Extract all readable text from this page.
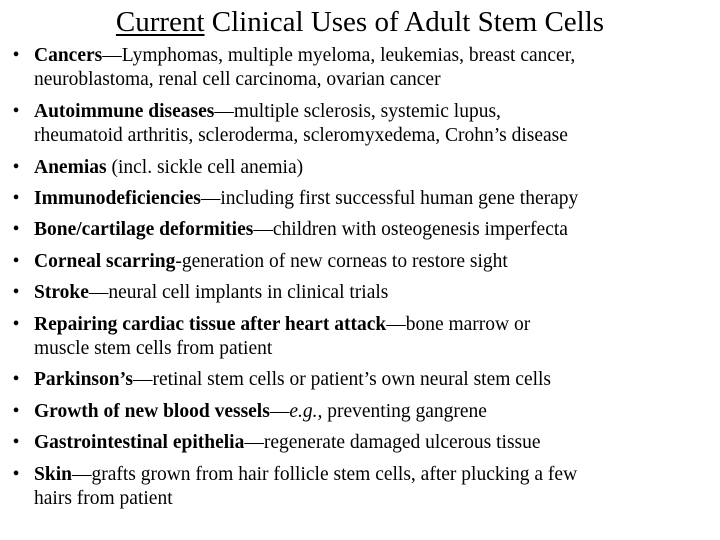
Current Clinical Uses of Adult Stem Cells
• Cancers—Lymphomas, multiple myeloma, leukemias, breast cancer,
neuroblastoma, renal cell carcinoma, ovarian cancer
• Autoimmune diseases—multiple sclerosis, systemic lupus,
rheumatoid arthritis, scleroderma, scleromyxedema, Crohn’s disease
• Anemias (incl. sickle cell anemia)
• Immunodeficiencies—including first successful human gene therapy
• Bone/cartilage deformities—children with osteogenesis imperfecta
• Corneal scarring-generation of new corneas to restore sight
• Stroke—neural cell implants in clinical trials
• Repairing cardiac tissue after heart attack—bone marrow or
muscle stem cells from patient
• Parkinson’s—retinal stem cells or patient’s own neural stem cells
• Growth of new blood vessels—e.g., preventing gangrene
• Gastrointestinal epithelia—regenerate damaged ulcerous tissue
• Skin—grafts grown from hair follicle stem cells, after plucking a few
hairs from patient
